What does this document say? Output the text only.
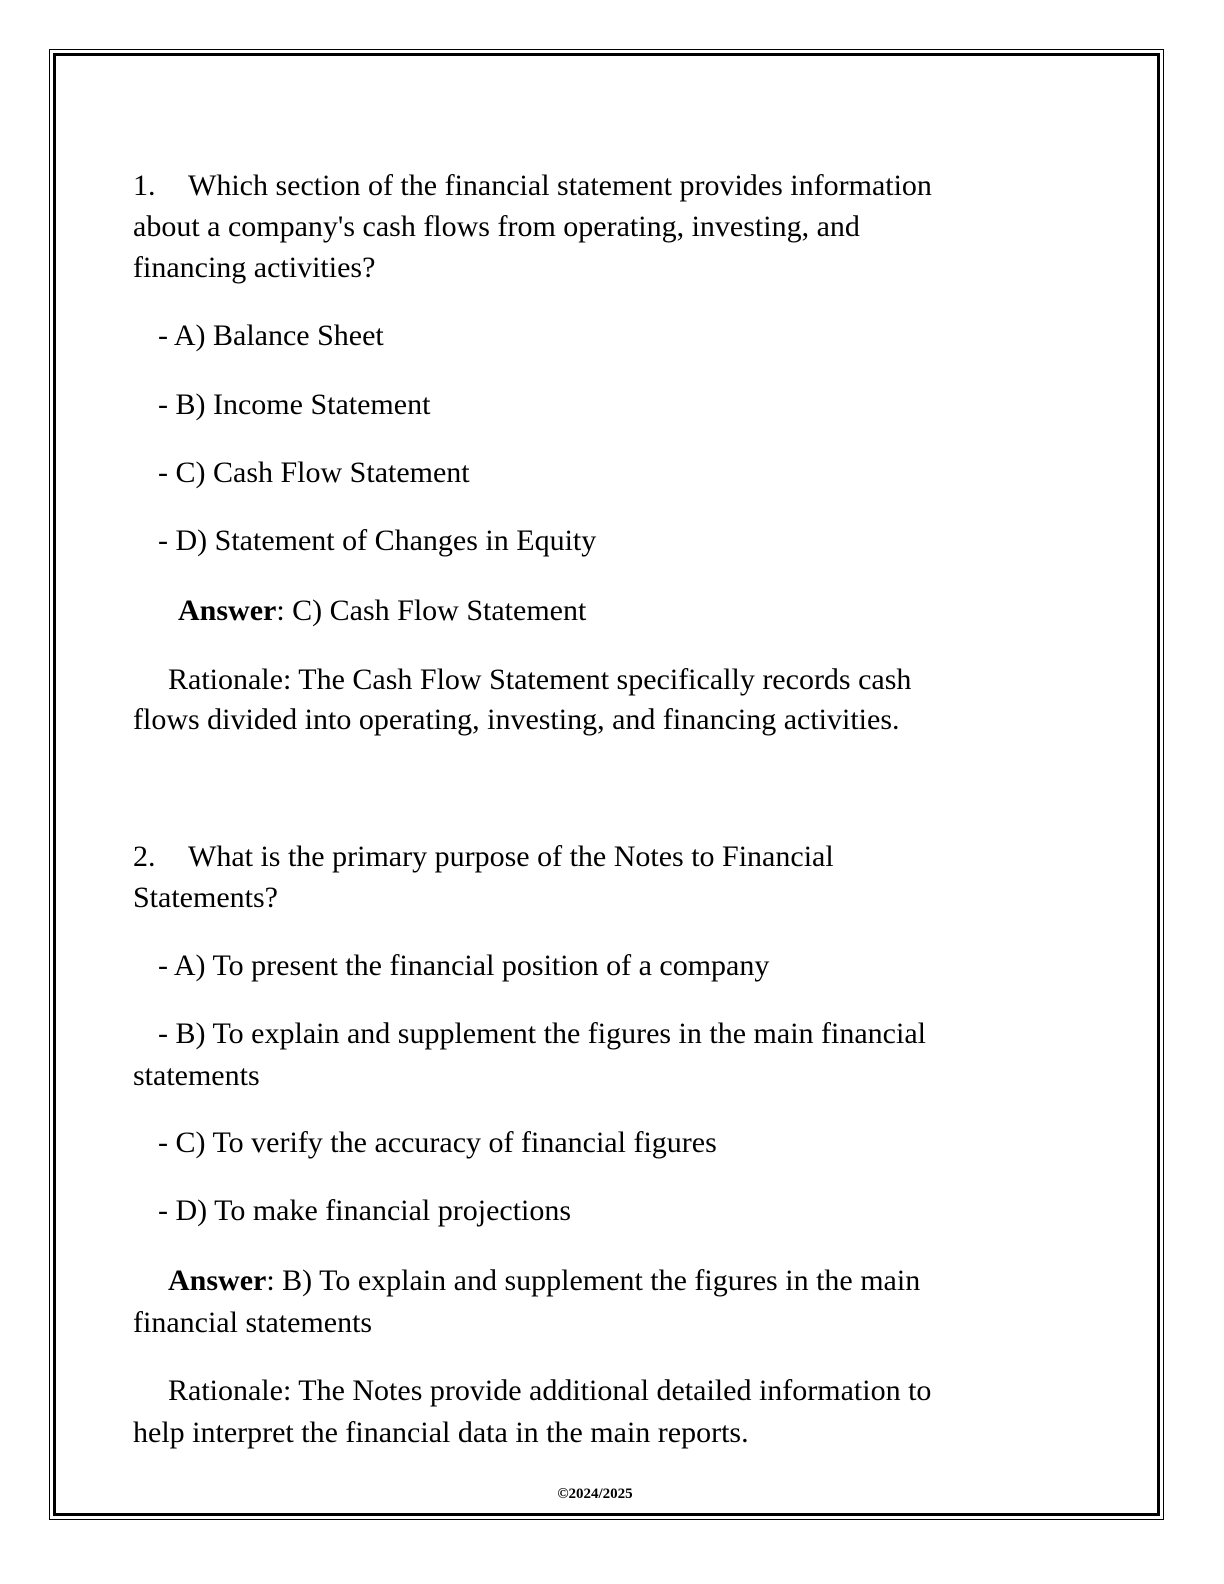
1. Which section of the financial statement provides information
about a company's cash flows from operating, investing, and
financing activities?
- A) Balance Sheet
- B) Income Statement
- C) Cash Flow Statement
- D) Statement of Changes in Equity
Answer: C) Cash Flow Statement
Rationale: The Cash Flow Statement specifically records cash
flows divided into operating, investing, and financing activities.
2. What is the primary purpose of the Notes to Financial
Statements?
- A) To present the financial position of a company
- B) To explain and supplement the figures in the main financial
statements
- C) To verify the accuracy of financial figures
- D) To make financial projections
Answer: B) To explain and supplement the figures in the main
financial statements
Rationale: The Notes provide additional detailed information to
help interpret the financial data in the main reports.
©2024/2025
